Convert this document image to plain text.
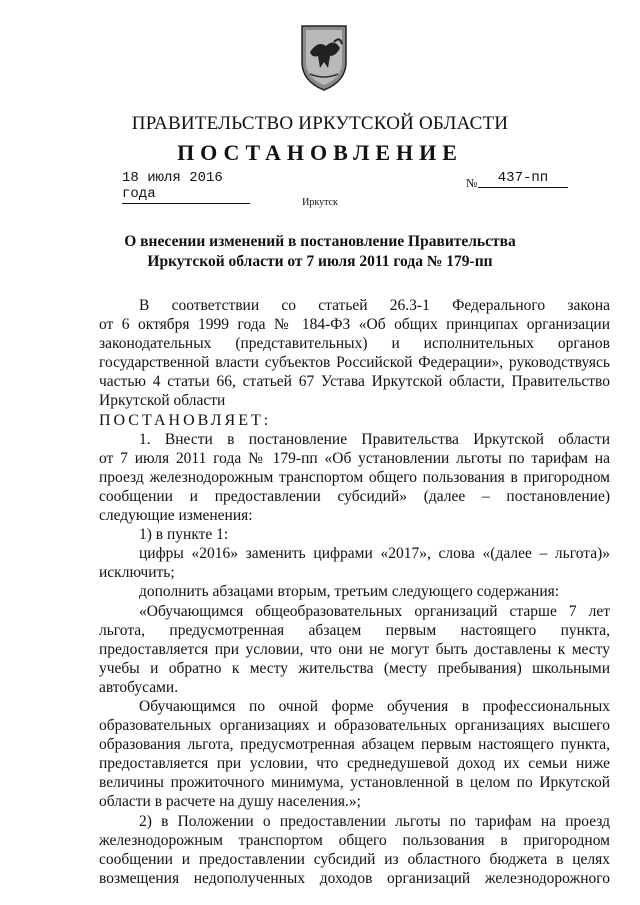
ПРАВИТЕЛЬСТВО ИРКУТСКОЙ ОБЛАСТИ
ПОСТАНОВЛЕНИЕ
18 июля 2016 года
№	437-пп
Иркутск
О внесении изменений в постановление Правительства Иркутской области от 7 июля 2011 года № 179-пп

В соответствии со статьей 26.3-1 Федерального закона

от 6 октября 1999 года № 184-ФЗ «Об общих принципах организации

законодательных (представительных) и исполнительных органов

государственной власти субъектов Российской Федерации», руководствуясь

частью 4 статьи 66, статьей 67 Устава Иркутской области, Правительство

Иркутской области

ПОСТАНОВЛЯЕТ:

1. Внести в постановление Правительства Иркутской области

от 7 июля 2011 года № 179-пп «Об установлении льготы по тарифам на

проезд железнодорожным транспортом общего пользования в пригородном

сообщении и предоставлении субсидий» (далее – постановление)

следующие изменения:

1) в пункте 1:

цифры «2016» заменить цифрами «2017», слова «(далее – льгота)»

исключить;

дополнить абзацами вторым, третьим следующего содержания:

«Обучающимся общеобразовательных организаций старше 7 лет

льгота, предусмотренная абзацем первым настоящего пункта,

предоставляется при условии, что они не могут быть доставлены к месту

учебы и обратно к месту жительства (месту пребывания) школьными

автобусами.

Обучающимся по очной форме обучения в профессиональных

образовательных организациях и образовательных организациях высшего

образования льгота, предусмотренная абзацем первым настоящего пункта,

предоставляется при условии, что среднедушевой доход их семьи ниже

величины прожиточного минимума, установленной в целом по Иркутской

области в расчете на душу населения.»;

2) в Положении о предоставлении льготы по тарифам на проезд

железнодорожным транспортом общего пользования в пригородном

сообщении и предоставлении субсидий из областного бюджета в целях

возмещения недополученных доходов организаций железнодорожного
